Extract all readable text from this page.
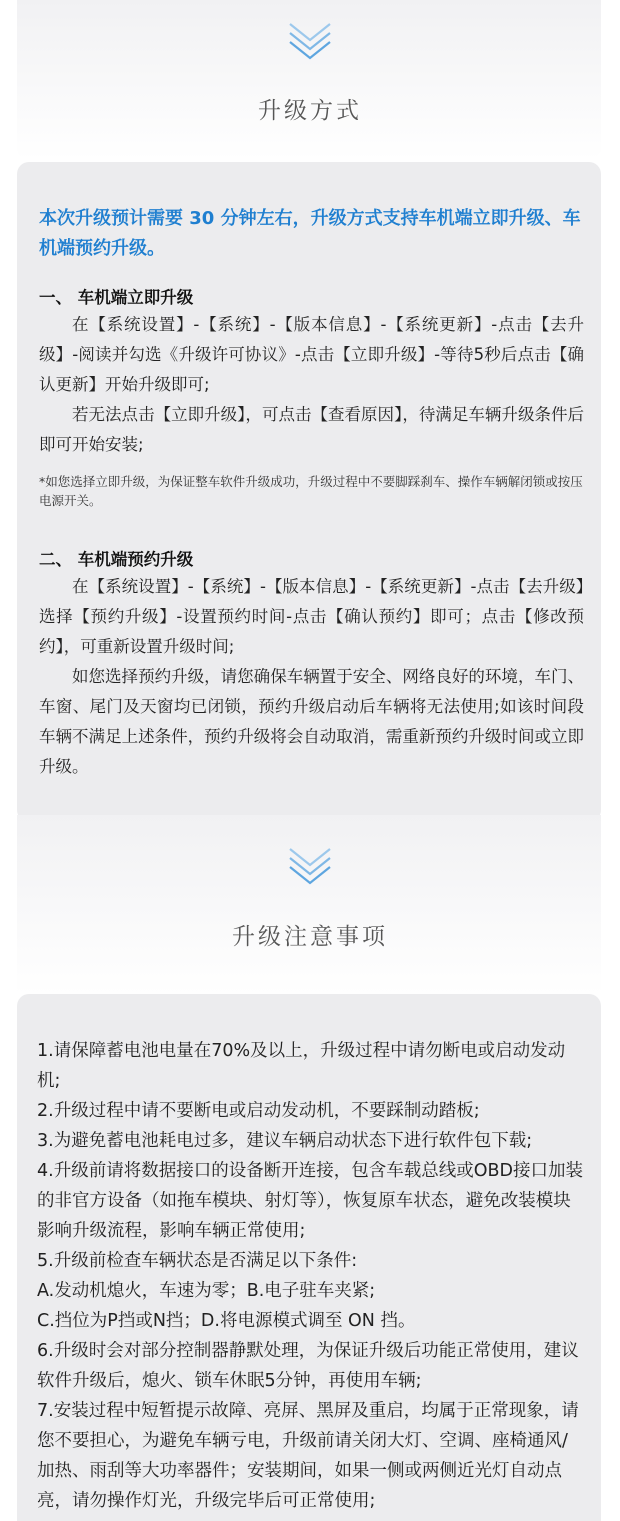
升级方式
本次升级预计需要 30 分钟左右，升级方式支持车机端立即升级、车机端预约升级。
一、 车机端立即升级
在【系统设置】-【系统】-【版本信息】-【系统更新】-点击【去升级】-阅读并勾选《升级许可协议》-点击【立即升级】-等待5秒后点击【确认更新】开始升级即可;
若无法点击【立即升级】，可点击【查看原因】，待满足车辆升级条件后即可开始安装;
*如您选择立即升级，为保证整车软件升级成功，升级过程中不要脚踩刹车、操作车辆解闭锁或按压电源开关。
二、 车机端预约升级
在【系统设置】-【系统】-【版本信息】-【系统更新】-点击【去升级】选择【预约升级】-设置预约时间-点击【确认预约】即可；点击【修改预约】，可重新设置升级时间;
如您选择预约升级，请您确保车辆置于安全、网络良好的环境，车门、车窗、尾门及天窗均已闭锁，预约升级启动后车辆将无法使用;如该时间段车辆不满足上述条件，预约升级将会自动取消，需重新预约升级时间或立即升级。
升级注意事项
1.请保障蓄电池电量在70%及以上，升级过程中请勿断电或启动发动机;
2.升级过程中请不要断电或启动发动机，不要踩制动踏板;
3.为避免蓄电池耗电过多，建议车辆启动状态下进行软件包下载;
4.升级前请将数据接口的设备断开连接，包含车载总线或OBD接口加装的非官方设备（如拖车模块、射灯等），恢复原车状态，避免改装模块影响升级流程，影响车辆正常使用;
5.升级前检查车辆状态是否满足以下条件:
A.发动机熄火，车速为零；B.电子驻车夹紧;
C.挡位为P挡或N挡；D.将电源模式调至 ON 挡。
6.升级时会对部分控制器静默处理，为保证升级后功能正常使用，建议软件升级后，熄火、锁车休眠5分钟，再使用车辆;
7.安装过程中短暂提示故障、亮屏、黑屏及重启，均属于正常现象，请您不要担心，为避免车辆亏电，升级前请关闭大灯、空调、座椅通风/加热、雨刮等大功率器件；安装期间，如果一侧或两侧近光灯自动点亮，请勿操作灯光，升级完毕后可正常使用;
